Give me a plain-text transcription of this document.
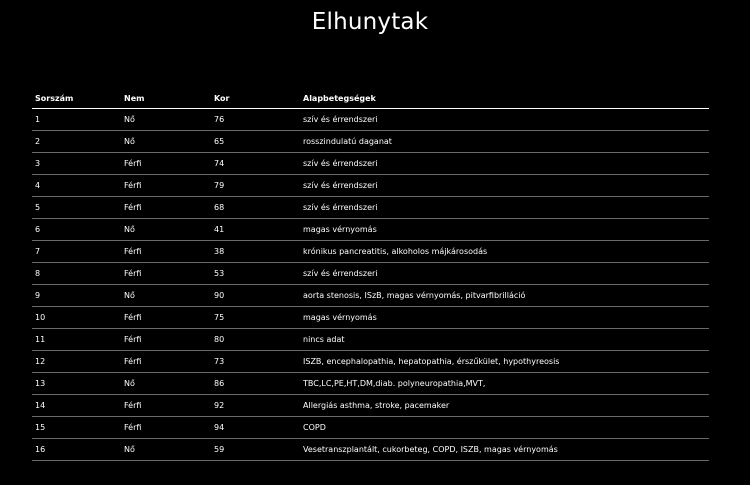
Elhunytak
Sorszám	Nem	Kor	Alapbetegségek
1	Nő	76	szív és érrendszeri
2	Nő	65	rosszindulatú daganat
3	Férfi	74	szív és érrendszeri
4	Férfi	79	szív és érrendszeri
5	Férfi	68	szív és érrendszeri
6	Nő	41	magas vérnyomás
7	Férfi	38	krónikus pancreatitis, alkoholos májkárosodás
8	Férfi	53	szív és érrendszeri
9	Nő	90	aorta stenosis, ISzB, magas vérnyomás, pitvarfibrilláció
10	Férfi	75	magas vérnyomás
11	Férfi	80	nincs adat
12	Férfi	73	ISZB, encephalopathia, hepatopathia, érszűkület, hypothyreosis
13	Nő	86	TBC,LC,PE,HT,DM,diab. polyneuropathia,MVT,
14	Férfi	92	Allergiás asthma, stroke, pacemaker
15	Férfi	94	COPD
16	Nő	59	Vesetranszplantált, cukorbeteg, COPD, ISZB, magas vérnyomás
